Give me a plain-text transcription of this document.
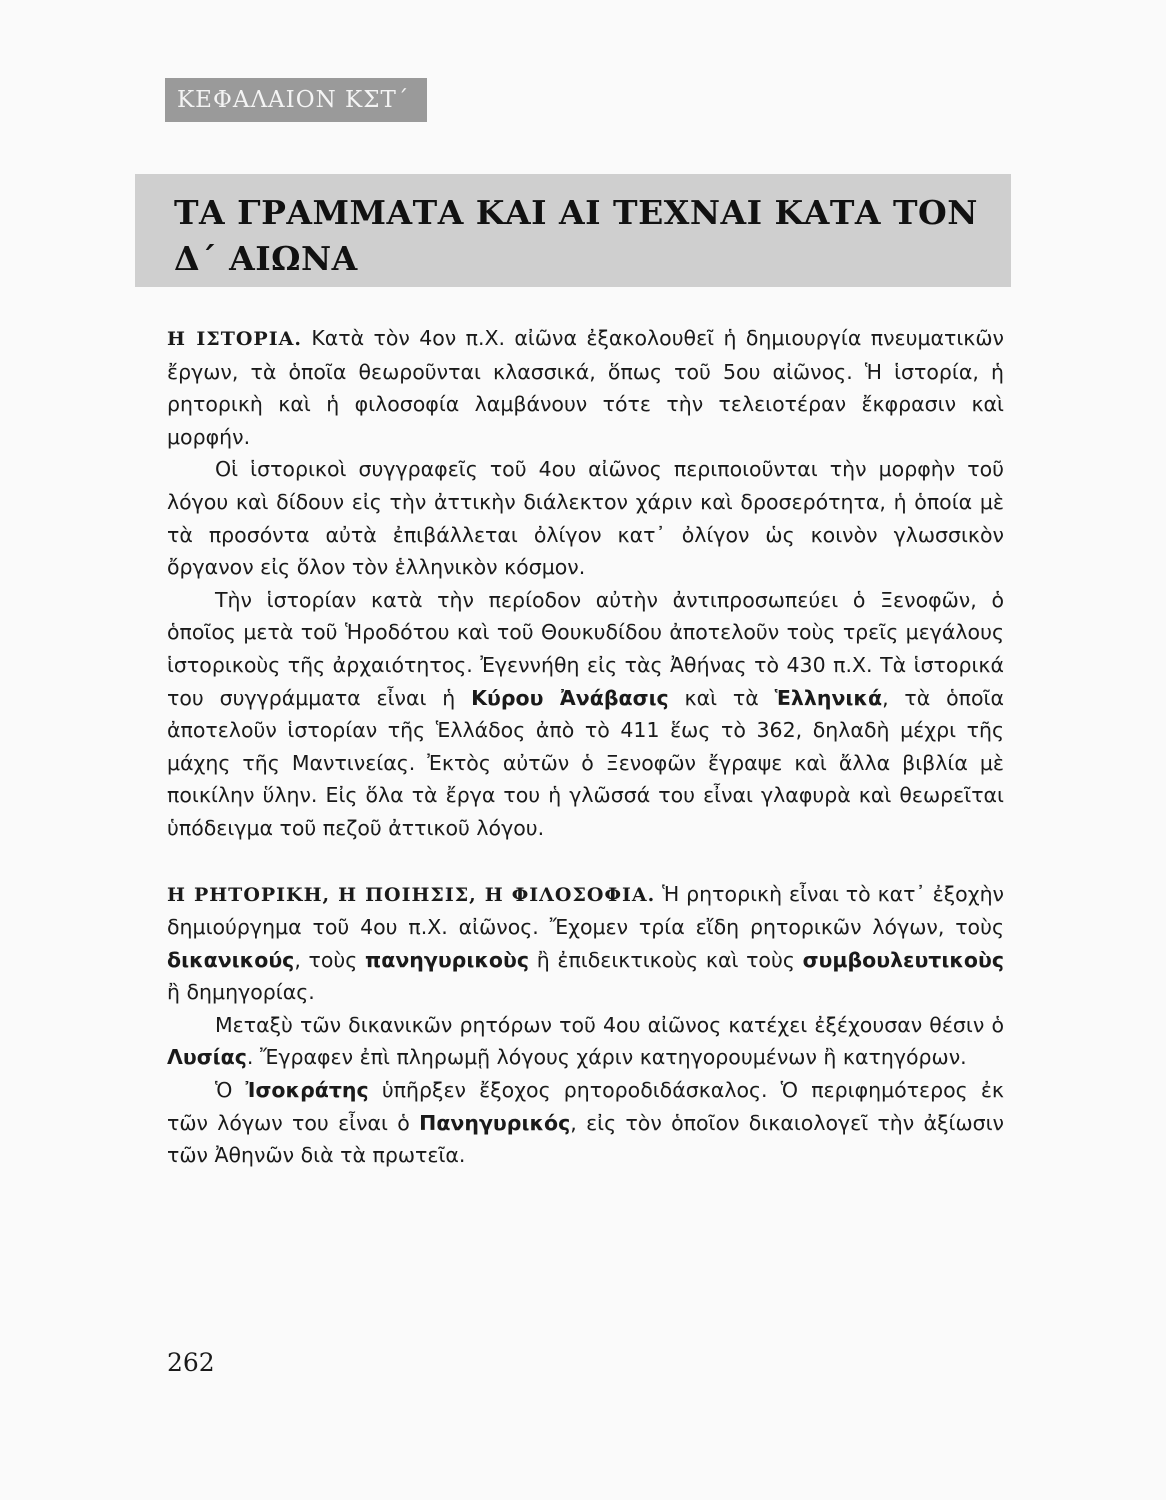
ΚΕΦΑΛΑΙΟΝ ΚΣΤ΄
ΤΑ ΓΡΑΜΜΑΤΑ ΚΑΙ ΑΙ ΤΕΧΝΑΙ ΚΑΤΑ ΤΟΝ
Δ΄ ΑΙΩΝΑ

Η ΙΣΤΟΡΙΑ. Κατὰ τὸν 4ον π.Χ. αἰῶνα ἐξακολουθεῖ ἡ δημιουργία πνευματικῶν ἔργων, τὰ ὁποῖα θεωροῦνται κλασσικά, ὅπως τοῦ 5ου αἰῶνος. Ἡ ἱστορία, ἡ ρητορικὴ καὶ ἡ φιλοσοφία λαμβάνουν τότε τὴν τελειοτέραν ἔκφρασιν καὶ μορφήν.

Οἱ ἱστορικοὶ συγγραφεῖς τοῦ 4ου αἰῶνος περιποιοῦνται τὴν μορφὴν τοῦ λόγου καὶ δίδουν εἰς τὴν ἀττικὴν διάλεκτον χάριν καὶ δροσερότητα, ἡ ὁποία μὲ τὰ προσόντα αὐτὰ ἐπιβάλλεται ὀλίγον κατ᾽ ὀλίγον ὡς κοινὸν γλωσσικὸν ὄργανον εἰς ὅλον τὸν ἑλληνικὸν κόσμον.

Τὴν ἱστορίαν κατὰ τὴν περίοδον αὐτὴν ἀντιπροσωπεύει ὁ Ξενοφῶν, ὁ ὁποῖος μετὰ τοῦ Ἡροδότου καὶ τοῦ Θουκυδίδου ἀποτελοῦν τοὺς τρεῖς μεγάλους ἱστορικοὺς τῆς ἀρχαιότητος. Ἐγεννήθη εἰς τὰς Ἀθήνας τὸ 430 π.Χ. Τὰ ἱστορικά του συγγράμματα εἶναι ἡ Κύρου Ἀνάβασις καὶ τὰ Ἑλληνικά, τὰ ὁποῖα ἀποτελοῦν ἱστορίαν τῆς Ἑλλάδος ἀπὸ τὸ 411 ἕως τὸ 362, δηλαδὴ μέχρι τῆς μάχης τῆς Μαντινείας. Ἐκτὸς αὐτῶν ὁ Ξενοφῶν ἔγραψε καὶ ἄλλα βιβλία μὲ ποικίλην ὕλην. Εἰς ὅλα τὰ ἔργα του ἡ γλῶσσά του εἶναι γλαφυρὰ καὶ θεωρεῖται ὑπόδειγμα τοῦ πεζοῦ ἀττικοῦ λόγου.

Η ΡΗΤΟΡΙΚΗ, Η ΠΟΙΗΣΙΣ, Η ΦΙΛΟΣΟΦΙΑ. Ἡ ρητορικὴ εἶναι τὸ κατ᾽ ἐξοχὴν δημιούργημα τοῦ 4ου π.Χ. αἰῶνος. Ἔχομεν τρία εἴδη ρητορικῶν λόγων, τοὺς δικανικούς, τοὺς πανηγυρικοὺς ἢ ἐπιδεικτικοὺς καὶ τοὺς συμβουλευτικοὺς ἢ δημηγορίας.

Μεταξὺ τῶν δικανικῶν ρητόρων τοῦ 4ου αἰῶνος κατέχει ἐξέχουσαν θέσιν ὁ Λυσίας. Ἔγραφεν ἐπὶ πληρωμῇ λόγους χάριν κατηγορουμένων ἢ κατηγόρων.

Ὁ Ἰσοκράτης ὑπῆρξεν ἔξοχος ρητοροδιδάσκαλος. Ὁ περιφημότερος ἐκ τῶν λόγων του εἶναι ὁ Πανηγυρικός, εἰς τὸν ὁποῖον δικαιολογεῖ τὴν ἀξίωσιν τῶν Ἀθηνῶν διὰ τὰ πρωτεῖα.

262
